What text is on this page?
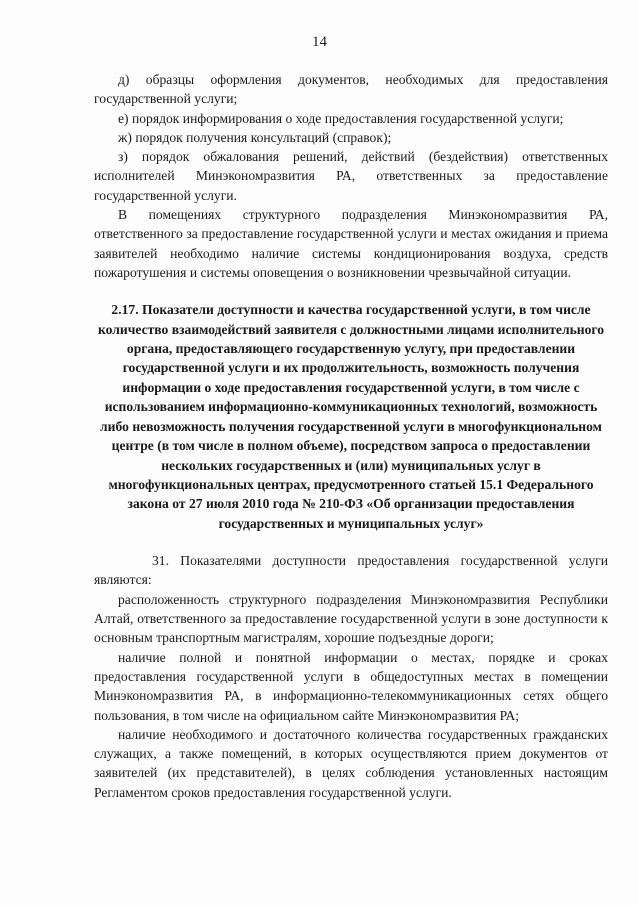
14

д) образцы оформления документов, необходимых для предоставления государственной услуги;

е) порядок информирования о ходе предоставления государственной услуги;

ж) порядок получения консультаций (справок);

з) порядок обжалования решений, действий (бездействия) ответственных исполнителей Минэкономразвития РА, ответственных за предоставление государственной услуги.

В помещениях структурного подразделения Минэкономразвития РА, ответственного за предоставление государственной услуги и местах ожидания и приема заявителей необходимо наличие системы кондиционирования воздуха, средств пожаротушения и системы оповещения о возникновении чрезвычайной ситуации.

2.17. Показатели доступности и качества государственной услуги, в том числе количество взаимодействий заявителя с должностными лицами исполнительного органа, предоставляющего государственную услугу, при предоставлении государственной услуги и их продолжительность, возможность получения информации о ходе предоставления государственной услуги, в том числе с использованием информационно-коммуникационных технологий, возможность либо невозможность получения государственной услуги в многофункциональном центре (в том числе в полном объеме), посредством запроса о предоставлении нескольких государственных и (или) муниципальных услуг в многофункциональных центрах, предусмотренного статьей 15.1 Федерального закона от 27 июля 2010 года № 210-ФЗ «Об организации предоставления государственных и муниципальных услуг»

31. Показателями доступности предоставления государственной услуги являются:

расположенность структурного подразделения Минэкономразвития Республики Алтай, ответственного за предоставление государственной услуги в зоне доступности к основным транспортным магистралям, хорошие подъездные дороги;

наличие полной и понятной информации о местах, порядке и сроках предоставления государственной услуги в общедоступных местах в помещении Минэкономразвития РА, в информационно-телекоммуникационных сетях общего пользования, в том числе на официальном сайте Минэкономразвития РА;

наличие необходимого и достаточного количества государственных гражданских служащих, а также помещений, в которых осуществляются прием документов от заявителей (их представителей), в целях соблюдения установленных настоящим Регламентом сроков предоставления государственной услуги.
